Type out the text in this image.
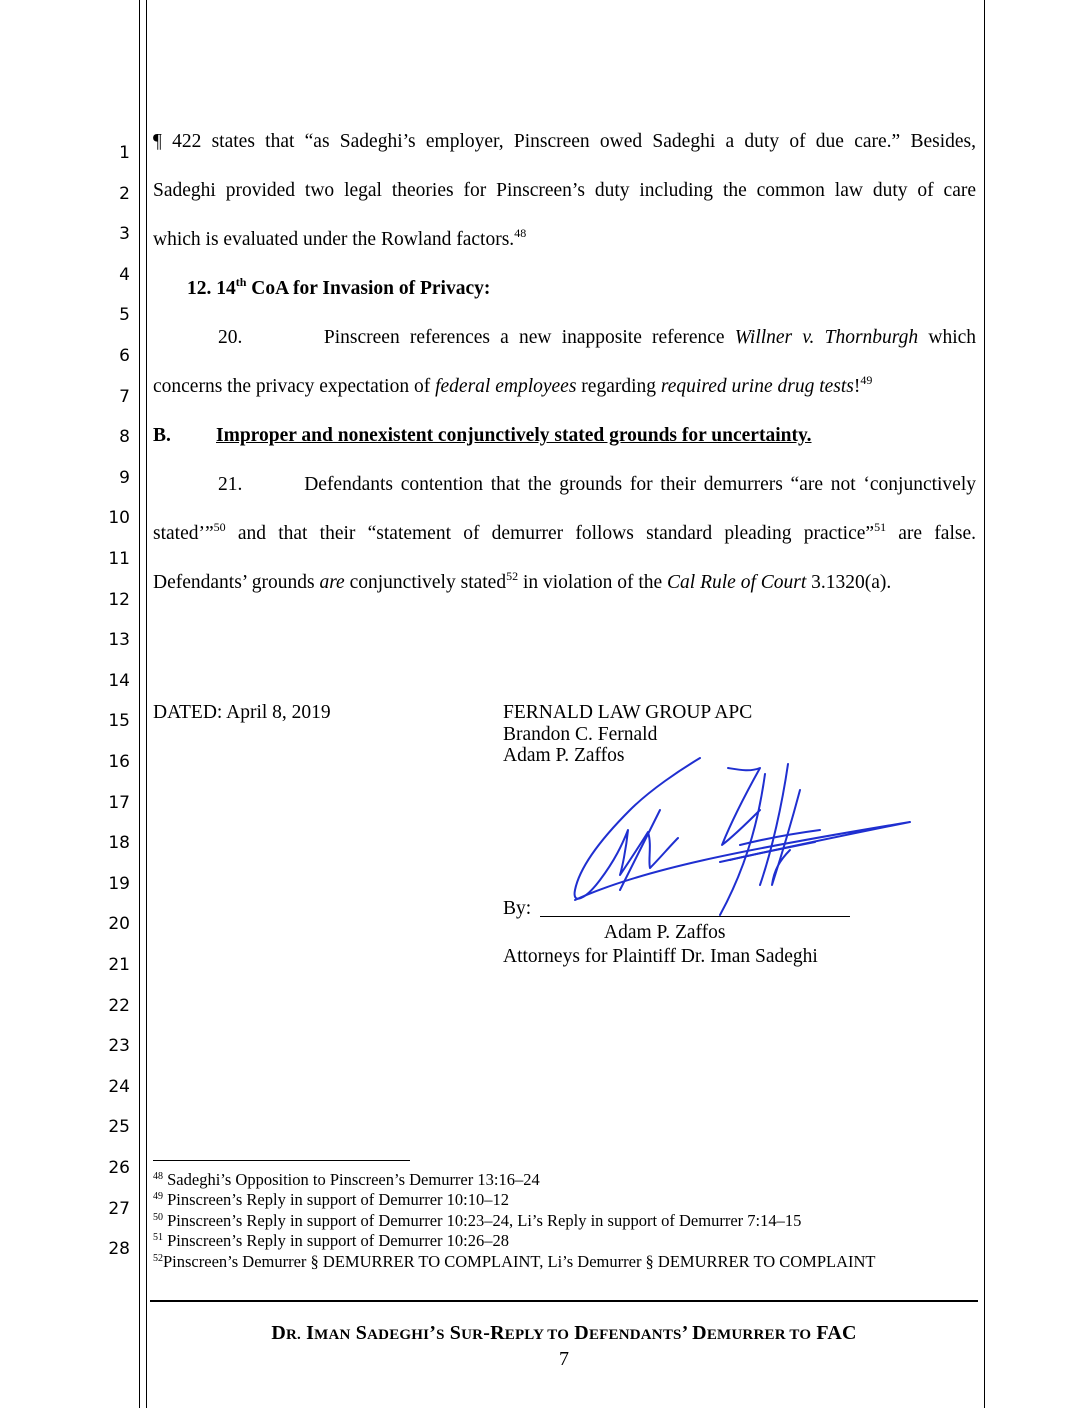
1
2
3
4
5
6
7
8
9
10
11
12
13
14
15
16
17
18
19
20
21
22
23
24
25
26
27
28
¶ 422 states that “as Sadeghi’s employer, Pinscreen owed Sadeghi a duty of due care.” Besides,
Sadeghi provided two legal theories for Pinscreen’s duty including the common law duty of care
which is evaluated under the Rowland factors.$^{48}$
12. 14th CoA for Invasion of Privacy:
20.	Pinscreen references a new inapposite reference Willner v. Thornburgh which
concerns the privacy expectation of federal employees regarding required urine drug tests!$^{49}$
B. Improper and nonexistent conjunctively stated grounds for uncertainty.
21.	Defendants contention that the grounds for their demurrers “are not ‘conjunctively
stated’”$^{50}$ and that their “statement of demurrer follows standard pleading practice”$^{51}$ are false.
Defendants’ grounds are conjunctively stated$^{52}$ in violation of the Cal Rule of Court 3.1320(a).
DATED: April 8, 2019	FERNALD LAW GROUP APC
Brandon C. Fernald
Adam P. Zaffos
By:
Adam P. Zaffos
Attorneys for Plaintiff Dr. Iman Sadeghi
$^{48}$ Sadeghi’s Opposition to Pinscreen’s Demurrer 13:16–24
$^{49}$ Pinscreen’s Reply in support of Demurrer 10:10–12
$^{50}$ Pinscreen’s Reply in support of Demurrer 10:23–24, Li’s Reply in support of Demurrer 7:14–15
$^{51}$ Pinscreen’s Reply in support of Demurrer 10:26–28
$^{52}$Pinscreen’s Demurrer § DEMURRER TO COMPLAINT, Li’s Demurrer § DEMURRER TO COMPLAINT
DR. IMAN SADEGHI’S SUR-REPLY TO DEFENDANTS’ DEMURRER TO FAC
7
